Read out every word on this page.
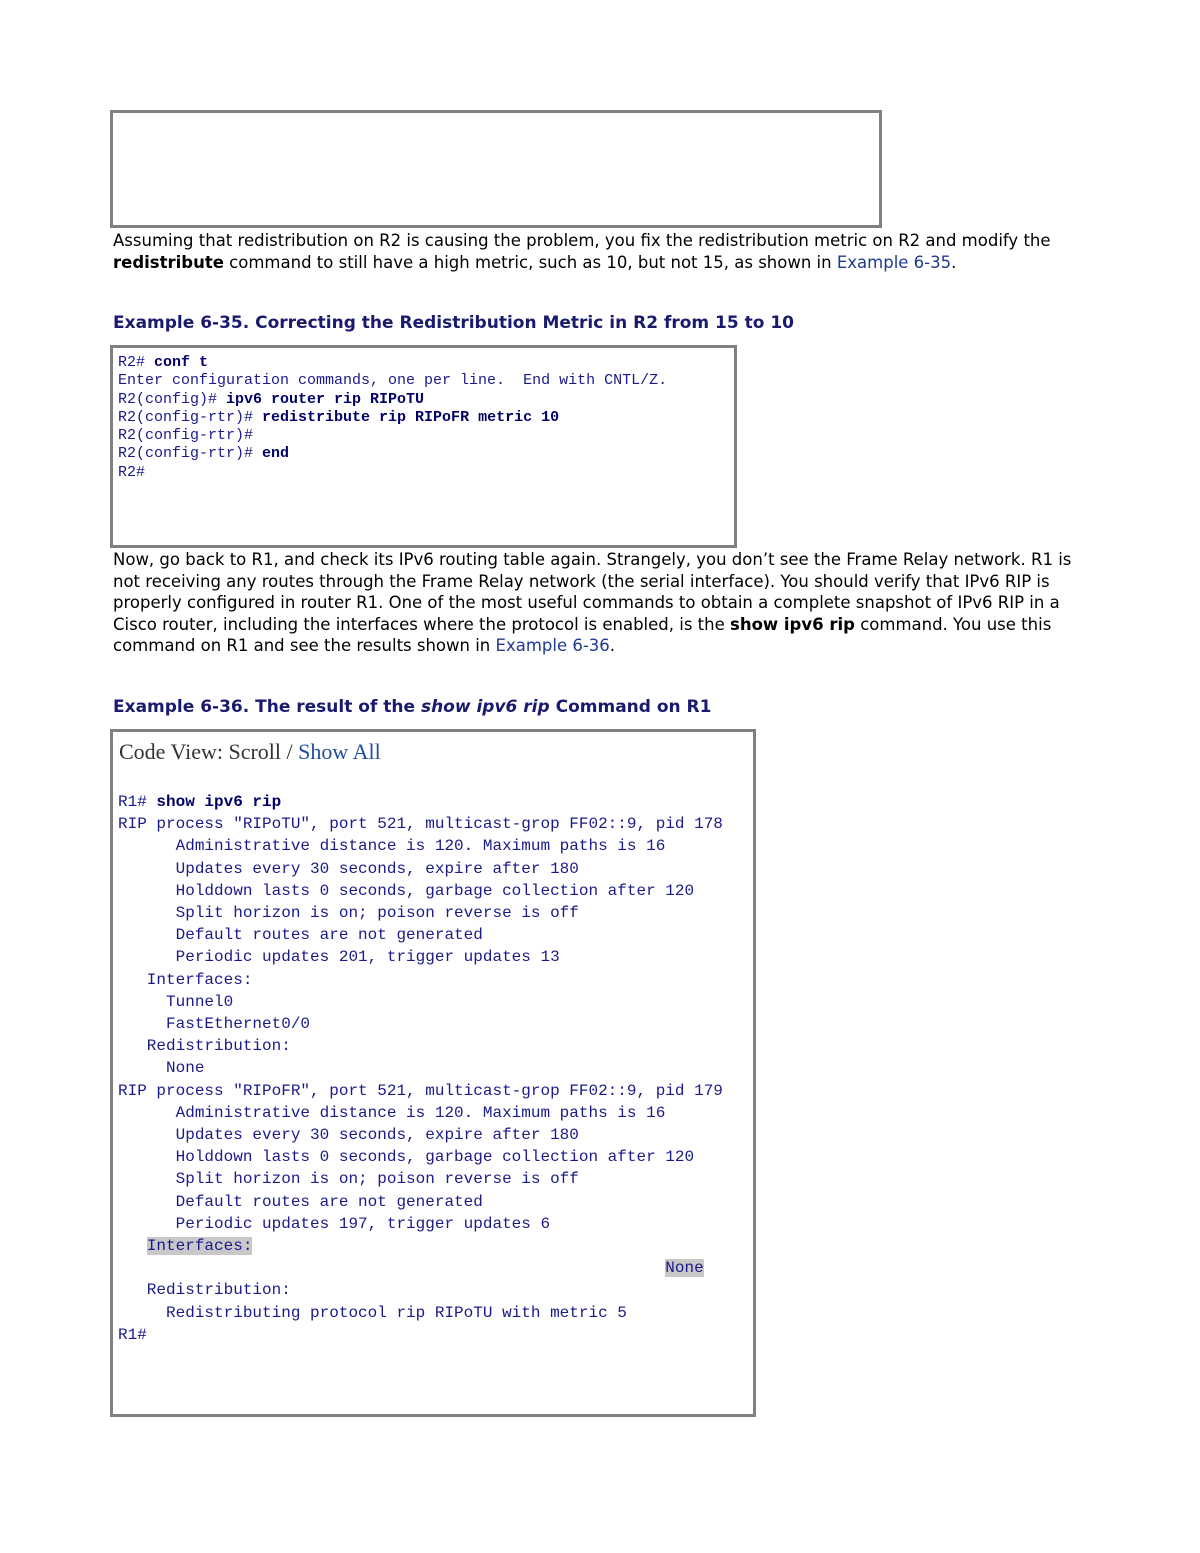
Assuming that redistribution on R2 is causing the problem, you fix the redistribution metric on R2 and modify the redistribute command to still have a high metric, such as 10, but not 15, as shown in Example 6-35.

Example 6-35. Correcting the Redistribution Metric in R2 from 15 to 10
R2# conf t
Enter configuration commands, one per line.  End with CNTL/Z.
R2(config)# ipv6 router rip RIPoTU
R2(config-rtr)# redistribute rip RIPoFR metric 10
R2(config-rtr)#
R2(config-rtr)# end
R2#

Now, go back to R1, and check its IPv6 routing table again. Strangely, you don’t see the Frame Relay network. R1 is not receiving any routes through the Frame Relay network (the serial interface). You should verify that IPv6 RIP is properly configured in router R1. One of the most useful commands to obtain a complete snapshot of IPv6 RIP in a Cisco router, including the interfaces where the protocol is enabled, is the show ipv6 rip command. You use this command on R1 and see the results shown in Example 6-36.

Example 6-36. The result of the show ipv6 rip Command on R1
Code View: Scroll / Show All
R1# show ipv6 rip
RIP process "RIPoTU", port 521, multicast-grop FF02::9, pid 178
Administrative distance is 120. Maximum paths is 16
Updates every 30 seconds, expire after 180
Holddown lasts 0 seconds, garbage collection after 120
Split horizon is on; poison reverse is off
Default routes are not generated
Periodic updates 201, trigger updates 13
Interfaces:
Tunnel0
FastEthernet0/0
Redistribution:
None
RIP process "RIPoFR", port 521, multicast-grop FF02::9, pid 179
Administrative distance is 120. Maximum paths is 16
Updates every 30 seconds, expire after 180
Holddown lasts 0 seconds, garbage collection after 120
Split horizon is on; poison reverse is off
Default routes are not generated
Periodic updates 197, trigger updates 6
Interfaces:
None
Redistribution:
Redistributing protocol rip RIPoTU with metric 5
R1#
